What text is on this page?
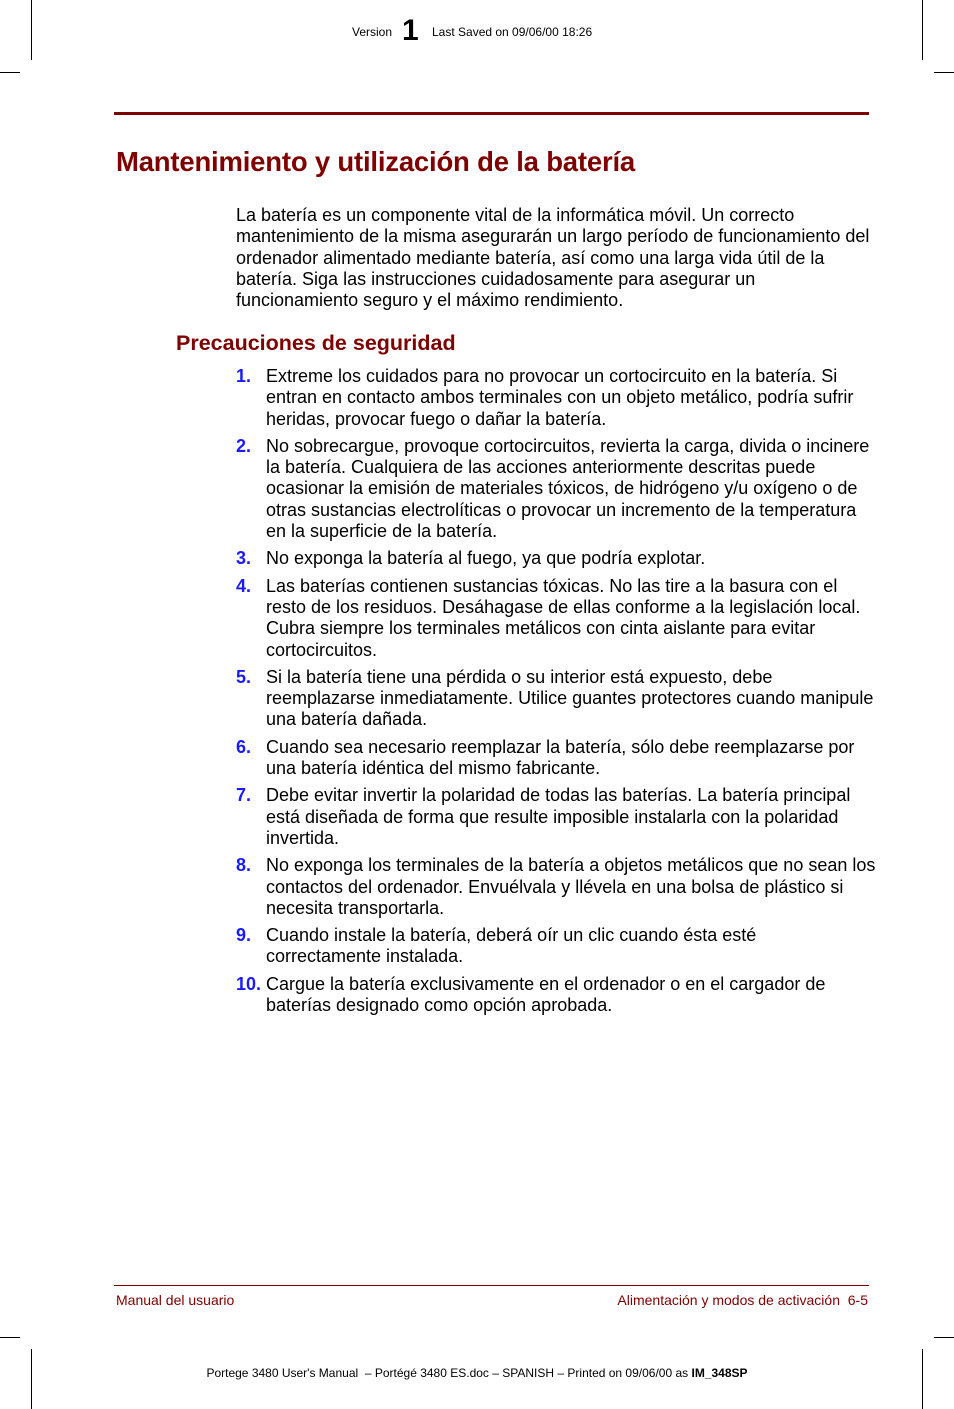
Version 1 Last Saved on 09/06/00 18:26
Mantenimiento y utilización de la batería

La batería es un componente vital de la informática móvil. Un correcto mantenimiento de la misma asegurarán un largo período de funcionamiento del ordenador alimentado mediante batería, así como una larga vida útil de la batería. Siga las instrucciones cuidadosamente para asegurar un funcionamiento seguro y el máximo rendimiento.

Precauciones de seguridad
1. Extreme los cuidados para no provocar un cortocircuito en la batería. Si entran en contacto ambos terminales con un objeto metálico, podría sufrir heridas, provocar fuego o dañar la batería.
2. No sobrecargue, provoque cortocircuitos, revierta la carga, divida o incinere la batería. Cualquiera de las acciones anteriormente descritas puede ocasionar la emisión de materiales tóxicos, de hidrógeno y/u oxígeno o de otras sustancias electrolíticas o provocar un incremento de la temperatura en la superficie de la batería.
3. No exponga la batería al fuego, ya que podría explotar.
4. Las baterías contienen sustancias tóxicas. No las tire a la basura con el resto de los residuos. Desáhagase de ellas conforme a la legislación local. Cubra siempre los terminales metálicos con cinta aislante para evitar cortocircuitos.
5. Si la batería tiene una pérdida o su interior está expuesto, debe reemplazarse inmediatamente. Utilice guantes protectores cuando manipule una batería dañada.
6. Cuando sea necesario reemplazar la batería, sólo debe reemplazarse por una batería idéntica del mismo fabricante.
7. Debe evitar invertir la polaridad de todas las baterías. La batería principal está diseñada de forma que resulte imposible instalarla con la polaridad invertida.
8. No exponga los terminales de la batería a objetos metálicos que no sean los contactos del ordenador. Envuélvala y llévela en una bolsa de plástico si necesita transportarla.
9. Cuando instale la batería, deberá oír un clic cuando ésta esté correctamente instalada.
10. Cargue la batería exclusivamente en el ordenador o en el cargador de baterías designado como opción aprobada.
Manual del usuario	Alimentación y modos de activación  6-5
Portege 3480 User's Manual  – Portégé 3480 ES.doc – SPANISH – Printed on 09/06/00 as IM_348SP
